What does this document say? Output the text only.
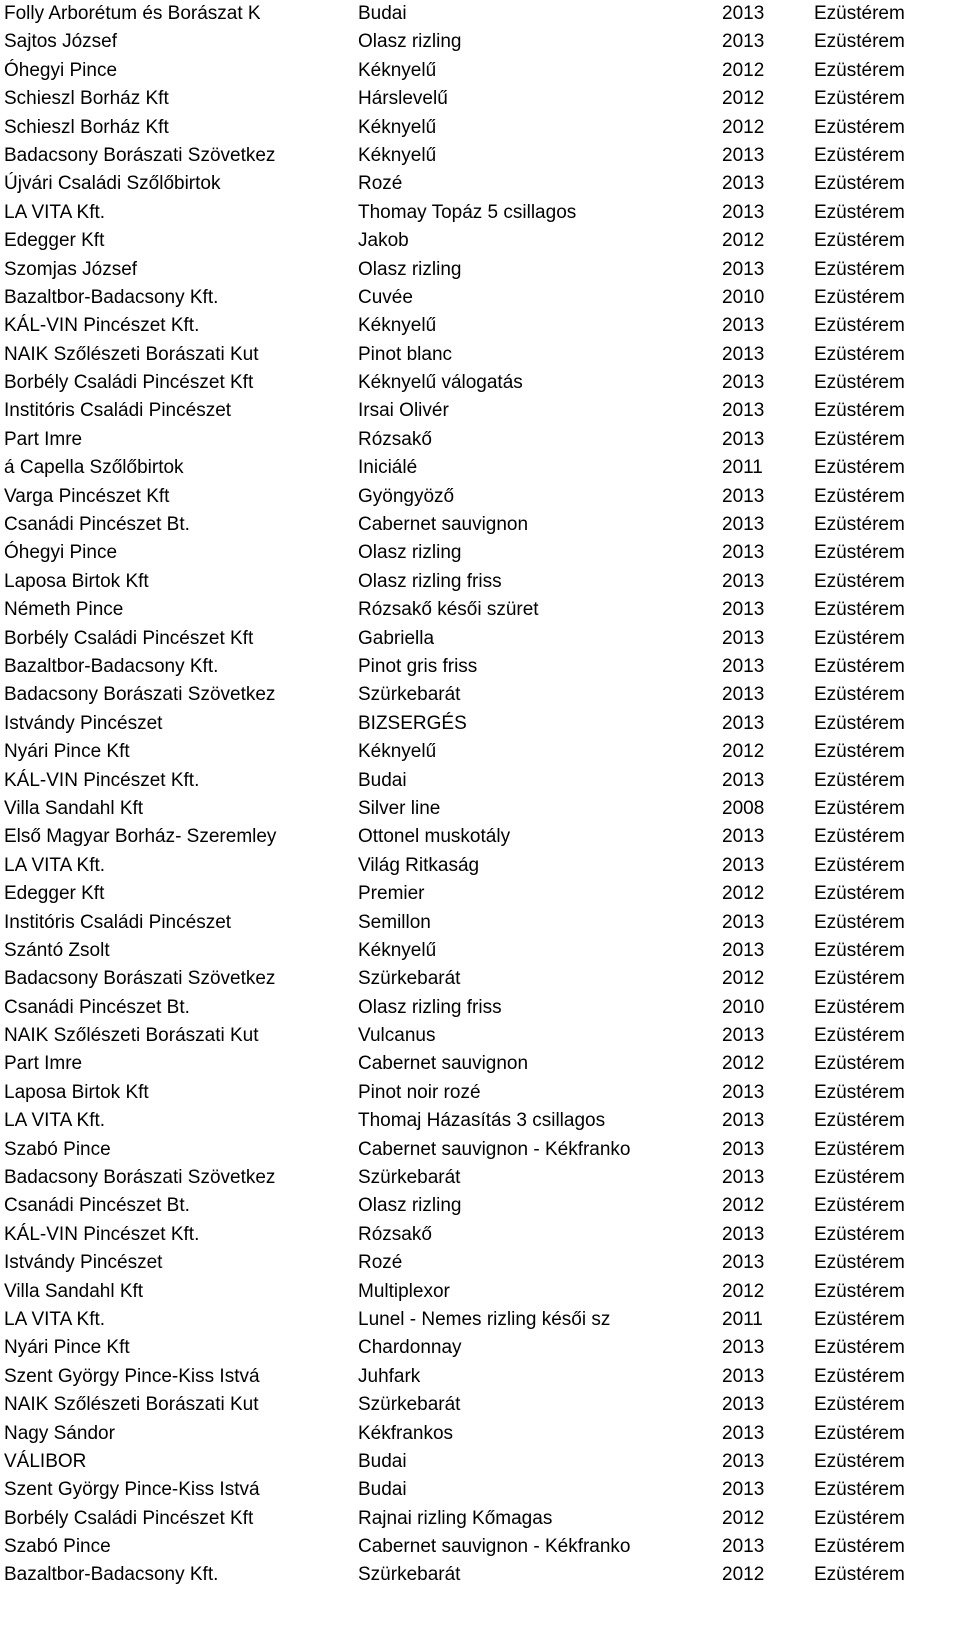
Folly Arborétum és Borászat K	Budai	2013	Ezüstérem
Sajtos József	Olasz rizling	2013	Ezüstérem
Óhegyi Pince	Kéknyelű	2012	Ezüstérem
Schieszl Borház Kft	Hárslevelű	2012	Ezüstérem
Schieszl Borház Kft	Kéknyelű	2012	Ezüstérem
Badacsony Borászati Szövetkez	Kéknyelű	2013	Ezüstérem
Újvári Családi Szőlőbirtok	Rozé	2013	Ezüstérem
LA VITA Kft.	Thomay Topáz 5 csillagos	2013	Ezüstérem
Edegger Kft	Jakob	2012	Ezüstérem
Szomjas József	Olasz rizling	2013	Ezüstérem
Bazaltbor-Badacsony Kft.	Cuvée	2010	Ezüstérem
KÁL-VIN Pincészet Kft.	Kéknyelű	2013	Ezüstérem
NAIK Szőlészeti Borászati Kut	Pinot blanc	2013	Ezüstérem
Borbély Családi Pincészet Kft	Kéknyelű válogatás	2013	Ezüstérem
Institóris Családi Pincészet	Irsai Olivér	2013	Ezüstérem
Part Imre	Rózsakő	2013	Ezüstérem
á Capella Szőlőbirtok	Iniciálé	2011	Ezüstérem
Varga Pincészet Kft	Gyöngyöző	2013	Ezüstérem
Csanádi Pincészet Bt.	Cabernet sauvignon	2013	Ezüstérem
Óhegyi Pince	Olasz rizling	2013	Ezüstérem
Laposa Birtok Kft	Olasz rizling friss	2013	Ezüstérem
Németh Pince	Rózsakő késői szüret	2013	Ezüstérem
Borbély Családi Pincészet Kft	Gabriella	2013	Ezüstérem
Bazaltbor-Badacsony Kft.	Pinot gris friss	2013	Ezüstérem
Badacsony Borászati Szövetkez	Szürkebarát	2013	Ezüstérem
Istvándy Pincészet	BIZSERGÉS	2013	Ezüstérem
Nyári Pince Kft	Kéknyelű	2012	Ezüstérem
KÁL-VIN Pincészet Kft.	Budai	2013	Ezüstérem
Villa Sandahl Kft	Silver line	2008	Ezüstérem
Első Magyar Borház- Szeremley	Ottonel muskotály	2013	Ezüstérem
LA VITA Kft.	Világ Ritkaság	2013	Ezüstérem
Edegger Kft	Premier	2012	Ezüstérem
Institóris Családi Pincészet	Semillon	2013	Ezüstérem
Szántó Zsolt	Kéknyelű	2013	Ezüstérem
Badacsony Borászati Szövetkez	Szürkebarát	2012	Ezüstérem
Csanádi Pincészet Bt.	Olasz rizling friss	2010	Ezüstérem
NAIK Szőlészeti Borászati Kut	Vulcanus	2013	Ezüstérem
Part Imre	Cabernet sauvignon	2012	Ezüstérem
Laposa Birtok Kft	Pinot noir rozé	2013	Ezüstérem
LA VITA Kft.	Thomaj Házasítás 3 csillagos	2013	Ezüstérem
Szabó Pince	Cabernet sauvignon - Kékfranko	2013	Ezüstérem
Badacsony Borászati Szövetkez	Szürkebarát	2013	Ezüstérem
Csanádi Pincészet Bt.	Olasz rizling	2012	Ezüstérem
KÁL-VIN Pincészet Kft.	Rózsakő	2013	Ezüstérem
Istvándy Pincészet	Rozé	2013	Ezüstérem
Villa Sandahl Kft	Multiplexor	2012	Ezüstérem
LA VITA Kft.	Lunel - Nemes rizling késői sz	2011	Ezüstérem
Nyári Pince Kft	Chardonnay	2013	Ezüstérem
Szent György Pince-Kiss Istvá	Juhfark	2013	Ezüstérem
NAIK Szőlészeti Borászati Kut	Szürkebarát	2013	Ezüstérem
Nagy Sándor	Kékfrankos	2013	Ezüstérem
VÁLIBOR	Budai	2013	Ezüstérem
Szent György Pince-Kiss Istvá	Budai	2013	Ezüstérem
Borbély Családi Pincészet Kft	Rajnai rizling Kőmagas	2012	Ezüstérem
Szabó Pince	Cabernet sauvignon - Kékfranko	2013	Ezüstérem
Bazaltbor-Badacsony Kft.	Szürkebarát	2012	Ezüstérem
